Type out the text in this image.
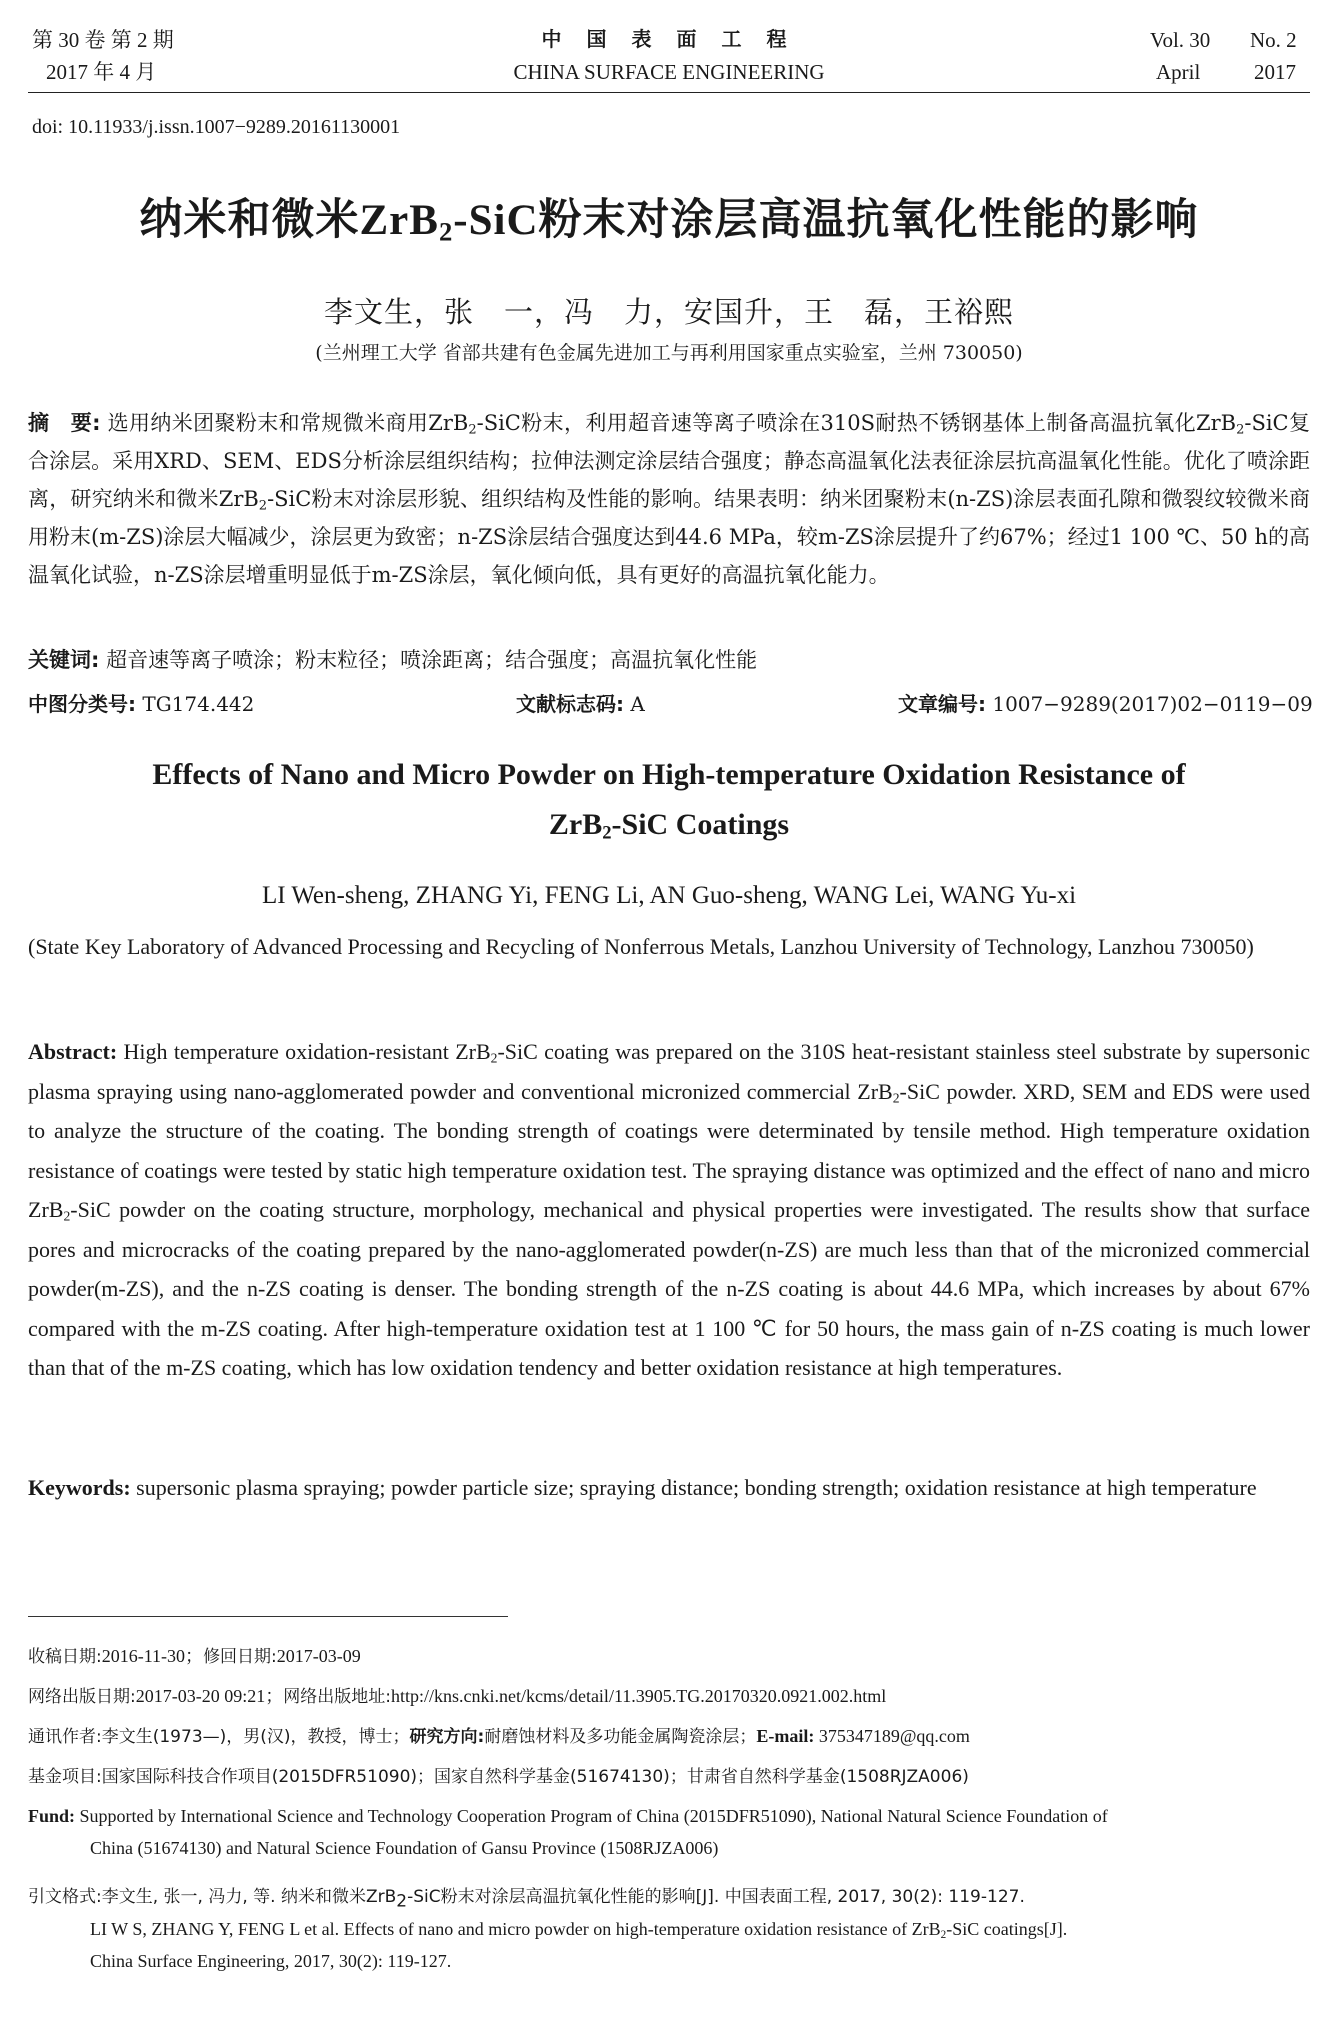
第 30 卷 第 2 期
2017 年 4 月
中 国 表 面 工 程
CHINA SURFACE ENGINEERING
Vol. 30
April
No. 2
2017
doi: 10.11933/j.issn.1007−9289.20161130001
纳米和微米ZrB$_2$-SiC粉末对涂层高温抗氧化性能的影响
李文生，张　一，冯　力，安国升，王　磊，王裕熙
(兰州理工大学 省部共建有色金属先进加工与再利用国家重点实验室，兰州 730050)
摘　要: 选用纳米团聚粉末和常规微米商用ZrB$_2$-SiC粉末，利用超音速等离子喷涂在310S耐热不锈钢基体上制备高温抗氧化ZrB$_2$-SiC复合涂层。采用XRD、SEM、EDS分析涂层组织结构；拉伸法测定涂层结合强度；静态高温氧化法表征涂层抗高温氧化性能。优化了喷涂距离，研究纳米和微米ZrB$_2$-SiC粉末对涂层形貌、组织结构及性能的影响。结果表明：纳米团聚粉末(n-ZS)涂层表面孔隙和微裂纹较微米商用粉末(m-ZS)涂层大幅减少，涂层更为致密；n-ZS涂层结合强度达到44.6 MPa，较m-ZS涂层提升了约67%；经过1 100 ℃、50 h的高温氧化试验，n-ZS涂层增重明显低于m-ZS涂层，氧化倾向低，具有更好的高温抗氧化能力。
关键词: 超音速等离子喷涂；粉末粒径；喷涂距离；结合强度；高温抗氧化性能
中图分类号: TG174.442	文献标志码: A	文章编号: 1007−9289(2017)02−0119−09
Effects of Nano and Micro Powder on High-temperature Oxidation Resistance of
ZrB$_2$-SiC Coatings
LI Wen-sheng, ZHANG Yi, FENG Li, AN Guo-sheng, WANG Lei, WANG Yu-xi
(State Key Laboratory of Advanced Processing and Recycling of Nonferrous Metals, Lanzhou University of Technology, Lanzhou 730050)
Abstract: High temperature oxidation-resistant ZrB$_2$-SiC coating was prepared on the 310S heat-resistant stainless steel substrate by supersonic plasma spraying using nano-agglomerated powder and conventional micronized commercial ZrB$_2$-SiC powder. XRD, SEM and EDS were used to analyze the structure of the coating. The bonding strength of coatings were determinated by tensile method. High temperature oxidation resistance of coatings were tested by static high temperature oxidation test. The spraying distance was optimized and the effect of nano and micro ZrB$_2$-SiC powder on the coating structure, morphology, mechanical and physical properties were investigated. The results show that surface pores and microcracks of the coating prepared by the nano-agglomerated powder(n-ZS) are much less than that of the micronized commercial powder(m-ZS), and the n-ZS coating is denser. The bonding strength of the n-ZS coating is about 44.6 MPa, which increases by about 67% compared with the m-ZS coating. After high-temperature oxidation test at 1 100 ℃ for 50 hours, the mass gain of n-ZS coating is much lower than that of the m-ZS coating, which has low oxidation tendency and better oxidation resistance at high temperatures.
Keywords: supersonic plasma spraying; powder particle size; spraying distance; bonding strength; oxidation resistance at high temperature
收稿日期:2016-11-30；修回日期:2017-03-09
网络出版日期:2017-03-20 09:21；网络出版地址:http://kns.cnki.net/kcms/detail/11.3905.TG.20170320.0921.002.html
通讯作者:李文生(1973—)，男(汉)，教授，博士；研究方向:耐磨蚀材料及多功能金属陶瓷涂层；E-mail: 375347189@qq.com
基金项目:国家国际科技合作项目(2015DFR51090)；国家自然科学基金(51674130)；甘肃省自然科学基金(1508RJZA006)
Fund: Supported by International Science and Technology Cooperation Program of China (2015DFR51090), National Natural Science Foundation of
China (51674130) and Natural Science Foundation of Gansu Province (1508RJZA006)
引文格式:李文生, 张一, 冯力, 等. 纳米和微米ZrB$_2$-SiC粉末对涂层高温抗氧化性能的影响[J]. 中国表面工程, 2017, 30(2): 119-127.
LI W S, ZHANG Y, FENG L et al. Effects of nano and micro powder on high-temperature oxidation resistance of ZrB$_2$-SiC coatings[J].
China Surface Engineering, 2017, 30(2): 119-127.
